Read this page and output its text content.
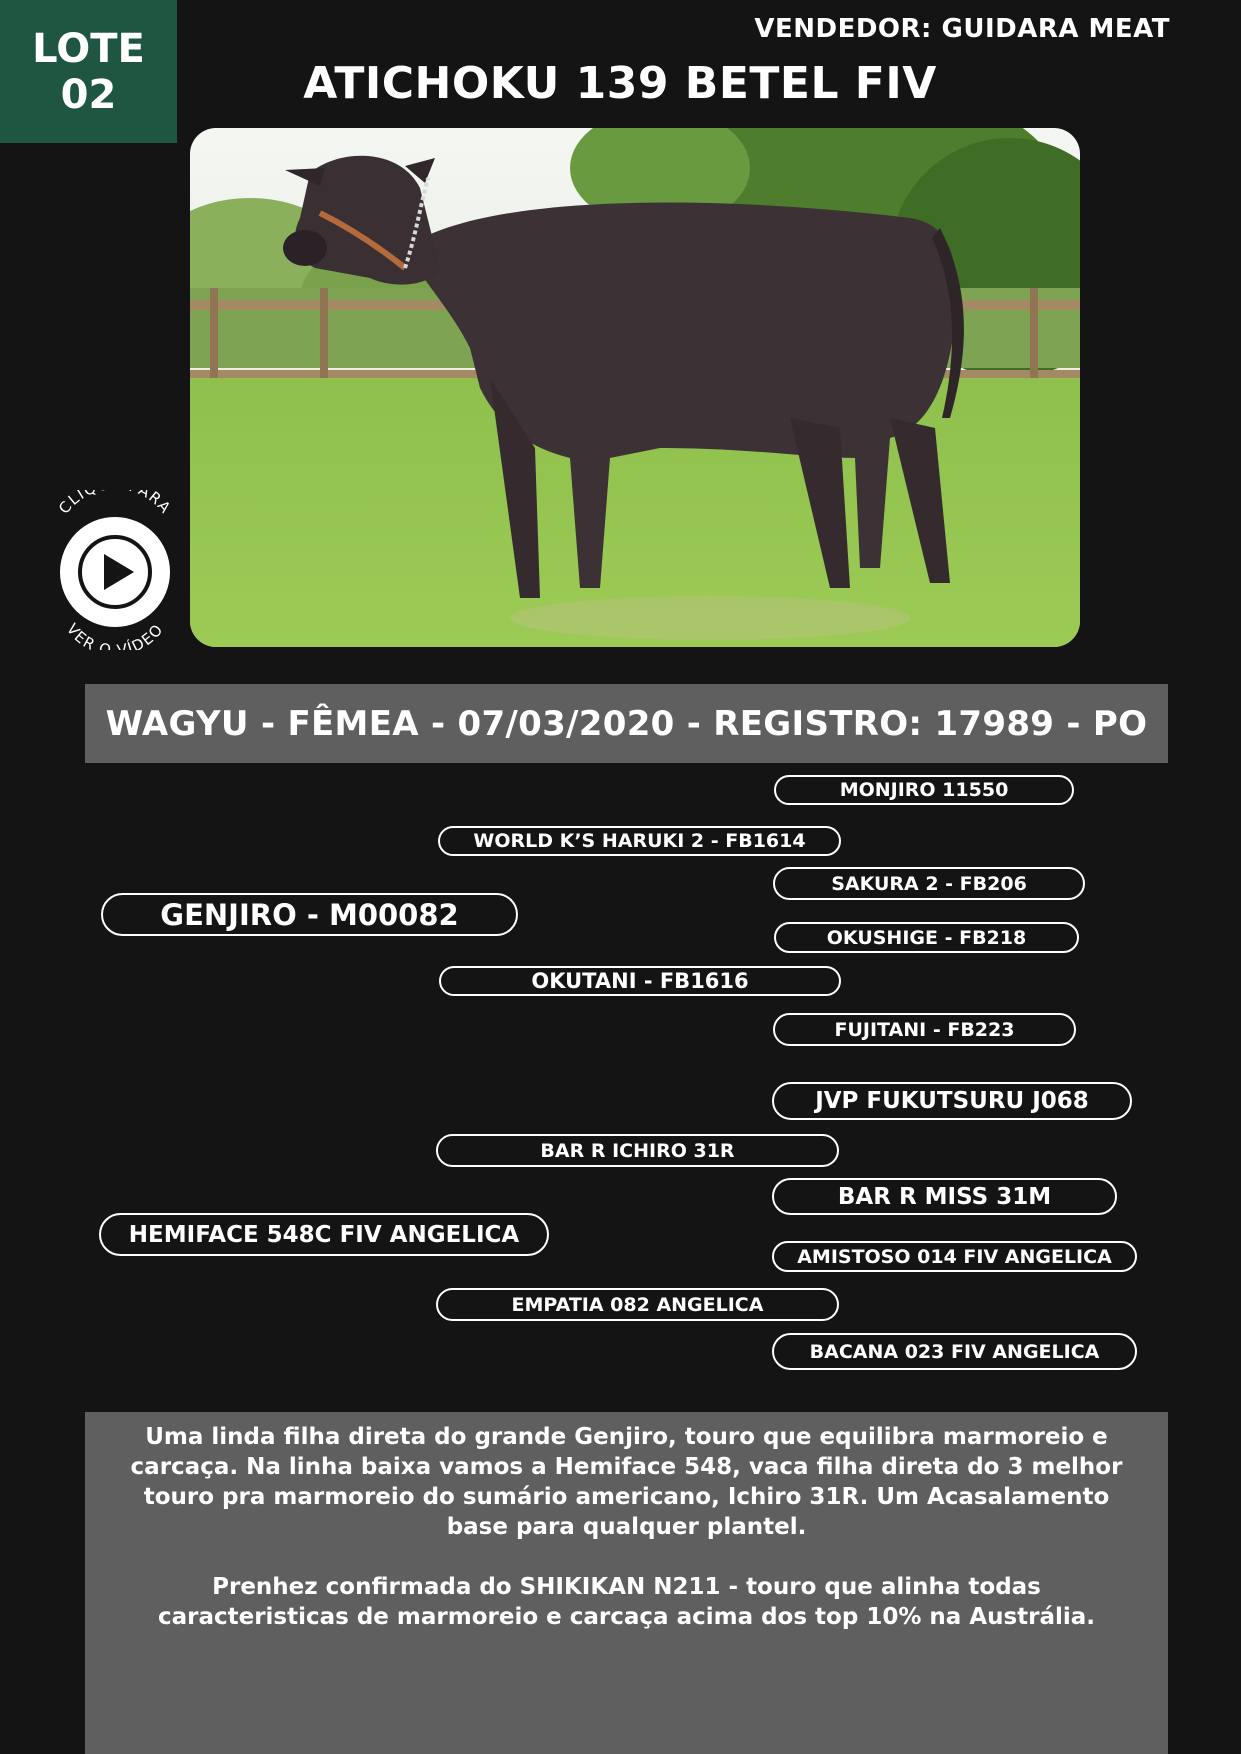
LOTE
02
VENDEDOR: GUIDARA MEAT
ATICHOKU 139 BETEL FIV
CLI ARA
VER O VÍDEO
WAGYU - FÊMEA - 07/03/2020 - REGISTRO: 17989 - PO
MONJIRO 11550
WORLD K’S HARUKI 2 - FB1614
SAKURA 2 - FB206
GENJIRO - M00082
OKUSHIGE - FB218
OKUTANI - FB1616
FUJITANI - FB223
JVP FUKUTSURU J068
BAR R ICHIRO 31R
BAR R MISS 31M
HEMIFACE 548C FIV ANGELICA
AMISTOSO 014 FIV ANGELICA
EMPATIA 082 ANGELICA
BACANA 023 FIV ANGELICA

Uma linda filha direta do grande Genjiro, touro que equilibra marmoreio e carcaça. Na linha baixa vamos a Hemiface 548, vaca filha direta do 3 melhor touro pra marmoreio do sumário americano, Ichiro 31R. Um Acasalamento base para qualquer plantel.

Prenhez confirmada do SHIKIKAN N211 - touro que alinha todas caracteristicas de marmoreio e carcaça acima dos top 10% na Austrália.
